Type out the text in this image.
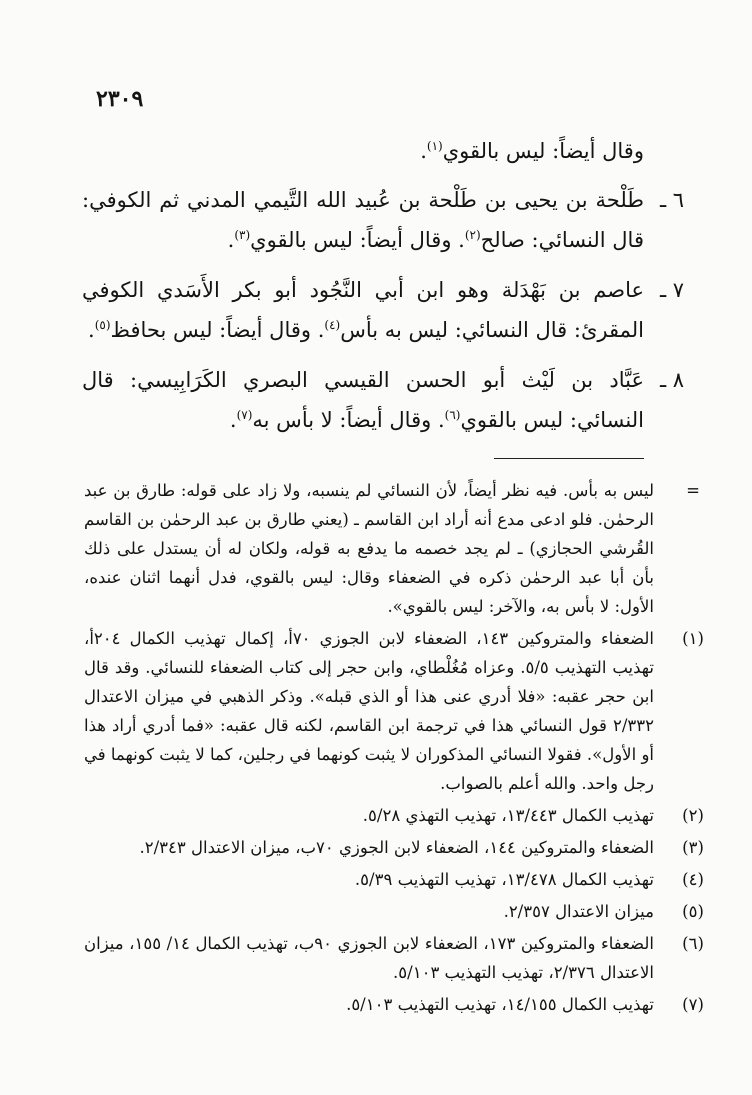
٢٣٠٩

وقال أيضاً: ليس بالقوي$^{(١)}$.

٦ ـ
طَلْحة بن يحيى بن طَلْحة بن عُبيد الله التَّيمي المدني ثم الكوفي: قال النسائي: صالح$^{(٢)}$. وقال أيضاً: ليس بالقوي$^{(٣)}$.
٧ ـ
عاصم بن بَهْدَلة وهو ابن أبي النَّجُود أبو بكر الأَسَدي الكوفي المقرئ: قال النسائي: ليس به بأس$^{(٤)}$. وقال أيضاً: ليس بحافظ$^{(٥)}$.
٨ ـ
عَبَّاد بن لَيْث أبو الحسن القيسي البصري الكَرَابِيسي: قال النسائي: ليس بالقوي$^{(٦)}$. وقال أيضاً: لا بأس به$^{(٧)}$.
=
ليس به بأس. فيه نظر أيضاً، لأن النسائي لم ينسبه، ولا زاد على قوله: طارق بن عبد الرحمٰن. فلو ادعى مدع أنه أراد ابن القاسم ـ (يعني طارق بن عبد الرحمٰن بن القاسم القُرشي الحجازي) ـ لم يجد خصمه ما يدفع به قوله، ولكان له أن يستدل على ذلك بأن أبا عبد الرحمٰن ذكره في الضعفاء وقال: ليس بالقوي، فدل أنهما اثنان عنده، الأول: لا بأس به، والآخر: ليس بالقوي».
(١)
الضعفاء والمتروكين ١٤٣، الضعفاء لابن الجوزي ٧٠أ، إكمال تهذيب الكمال ٢٠٤أ، تهذيب التهذيب ٥/٥. وعزاه مُغُلْطاي، وابن حجر إلى كتاب الضعفاء للنسائي. وقد قال ابن حجر عقبه: «فلا أدري عنى هذا أو الذي قبله». وذكر الذهبي في ميزان الاعتدال ٢/٣٣٢ قول النسائي هذا في ترجمة ابن القاسم، لكنه قال عقبه: «فما أدري أراد هذا أو الأول». فقولا النسائي المذكوران لا يثبت كونهما في رجلين، كما لا يثبت كونهما في رجل واحد. والله أعلم بالصواب.
(٢)
تهذيب الكمال ١٣/٤٤٣، تهذيب التهذي ٥/٢٨.
(٣)
الضعفاء والمتروكين ١٤٤، الضعفاء لابن الجوزي ٧٠ب، ميزان الاعتدال ٢/٣٤٣.
(٤)
تهذيب الكمال ١٣/٤٧٨، تهذيب التهذيب ٥/٣٩.
(٥)
ميزان الاعتدال ٢/٣٥٧.
(٦)
الضعفاء والمتروكين ١٧٣، الضعفاء لابن الجوزي ٩٠ب، تهذيب الكمال ١٤/ ١٥٥، ميزان الاعتدال ٢/٣٧٦، تهذيب التهذيب ٥/١٠٣.
(٧)
تهذيب الكمال ١٤/١٥٥، تهذيب التهذيب ٥/١٠٣.
